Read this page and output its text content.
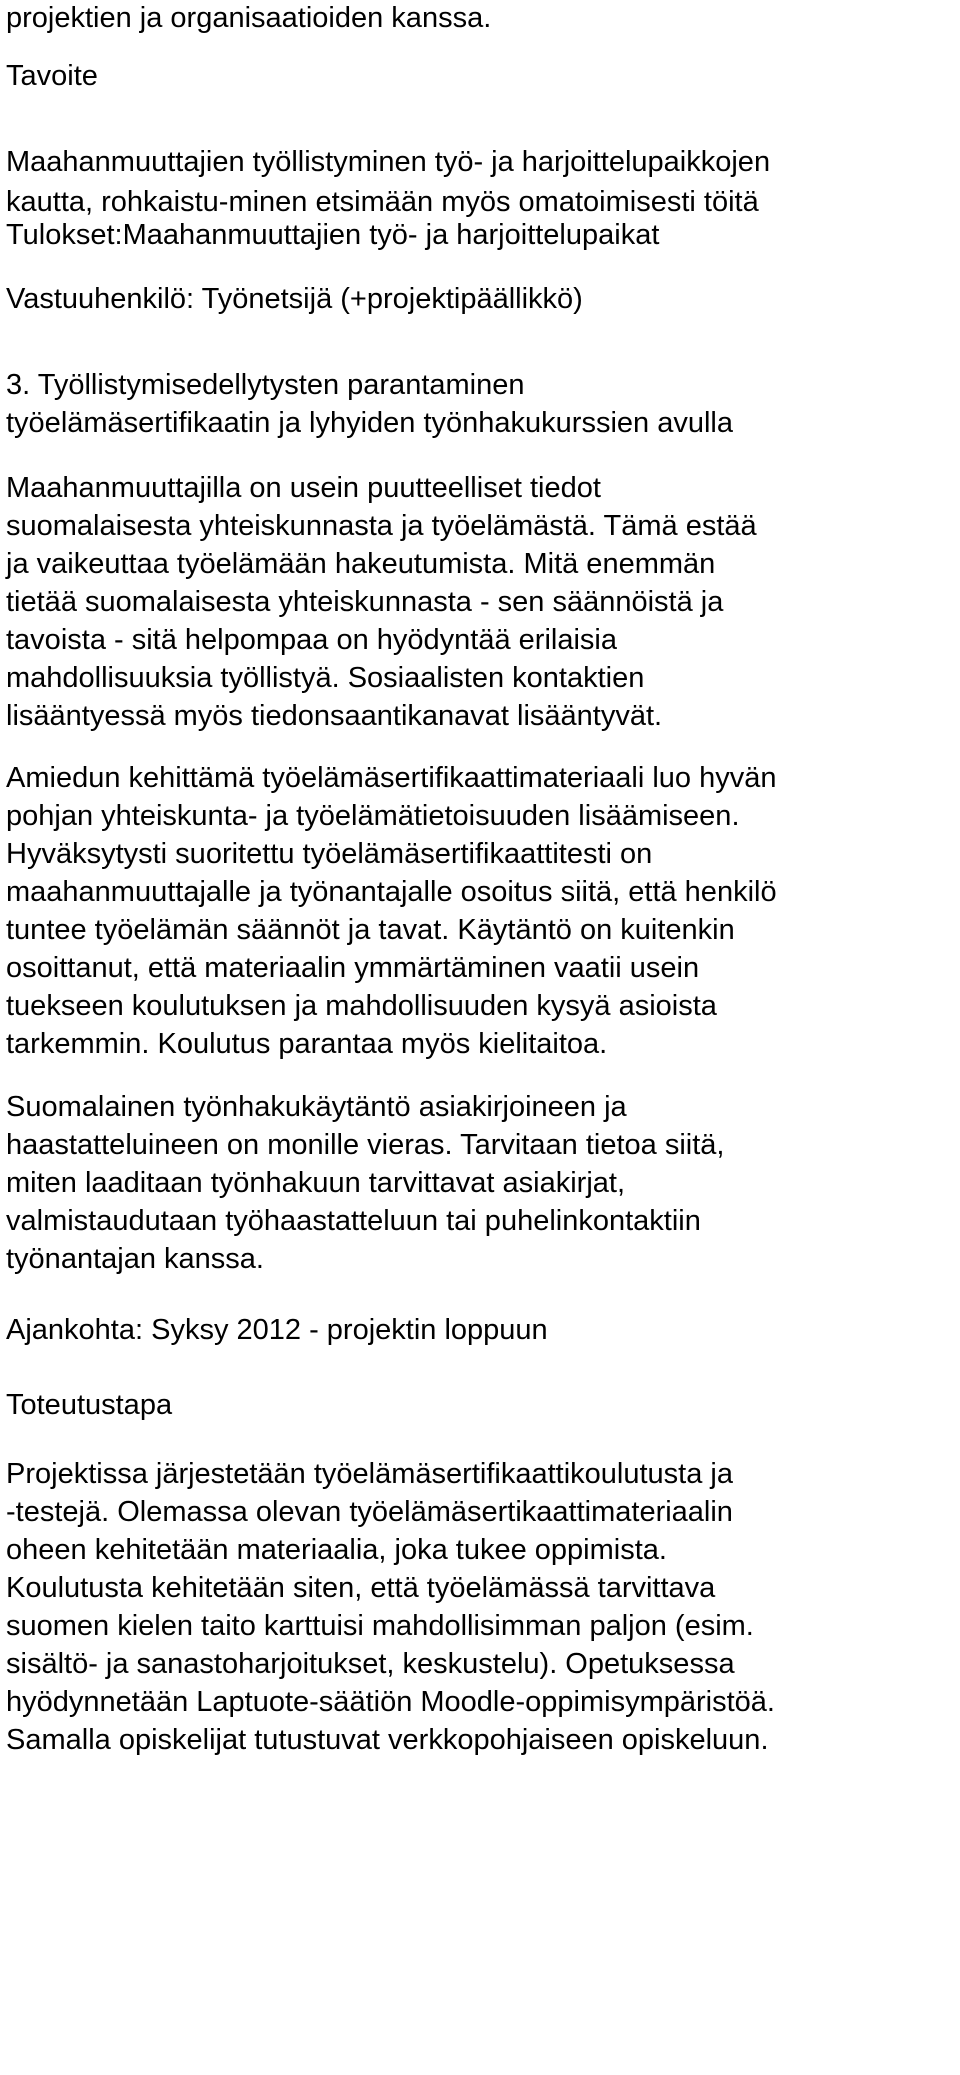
projektien ja organisaatioiden kanssa.
Tavoite
Maahanmuuttajien työllistyminen työ- ja harjoittelupaikkojen
kautta, rohkaistu-minen etsimään myös omatoimisesti töitä
Tulokset:Maahanmuuttajien työ- ja harjoittelupaikat
Vastuuhenkilö: Työnetsijä (+projektipäällikkö)
3. Työllistymisedellytysten parantaminen
työelämäsertifikaatin ja lyhyiden työnhakukurssien avulla
Maahanmuuttajilla on usein puutteelliset tiedot
suomalaisesta yhteiskunnasta ja työelämästä. Tämä estää
ja vaikeuttaa työelämään hakeutumista. Mitä enemmän
tietää suomalaisesta yhteiskunnasta - sen säännöistä ja
tavoista - sitä helpompaa on hyödyntää erilaisia
mahdollisuuksia työllistyä. Sosiaalisten kontaktien
lisääntyessä myös tiedonsaantikanavat lisääntyvät.
Amiedun kehittämä työelämäsertifikaattimateriaali luo hyvän
pohjan yhteiskunta- ja työelämätietoisuuden lisäämiseen.
Hyväksytysti suoritettu työelämäsertifikaattitesti on
maahanmuuttajalle ja työnantajalle osoitus siitä, että henkilö
tuntee työelämän säännöt ja tavat. Käytäntö on kuitenkin
osoittanut, että materiaalin ymmärtäminen vaatii usein
tuekseen koulutuksen ja mahdollisuuden kysyä asioista
tarkemmin. Koulutus parantaa myös kielitaitoa.
Suomalainen työnhakukäytäntö asiakirjoineen ja
haastatteluineen on monille vieras. Tarvitaan tietoa siitä,
miten laaditaan työnhakuun tarvittavat asiakirjat,
valmistaudutaan työhaastatteluun tai puhelinkontaktiin
työnantajan kanssa.
Ajankohta: Syksy 2012 - projektin loppuun
Toteutustapa
Projektissa järjestetään työelämäsertifikaattikoulutusta ja
-testejä. Olemassa olevan työelämäsertikaattimateriaalin
oheen kehitetään materiaalia, joka tukee oppimista.
Koulutusta kehitetään siten, että työelämässä tarvittava
suomen kielen taito karttuisi mahdollisimman paljon (esim.
sisältö- ja sanastoharjoitukset, keskustelu). Opetuksessa
hyödynnetään Laptuote-säätiön Moodle-oppimisympäristöä.
Samalla opiskelijat tutustuvat verkkopohjaiseen opiskeluun.
